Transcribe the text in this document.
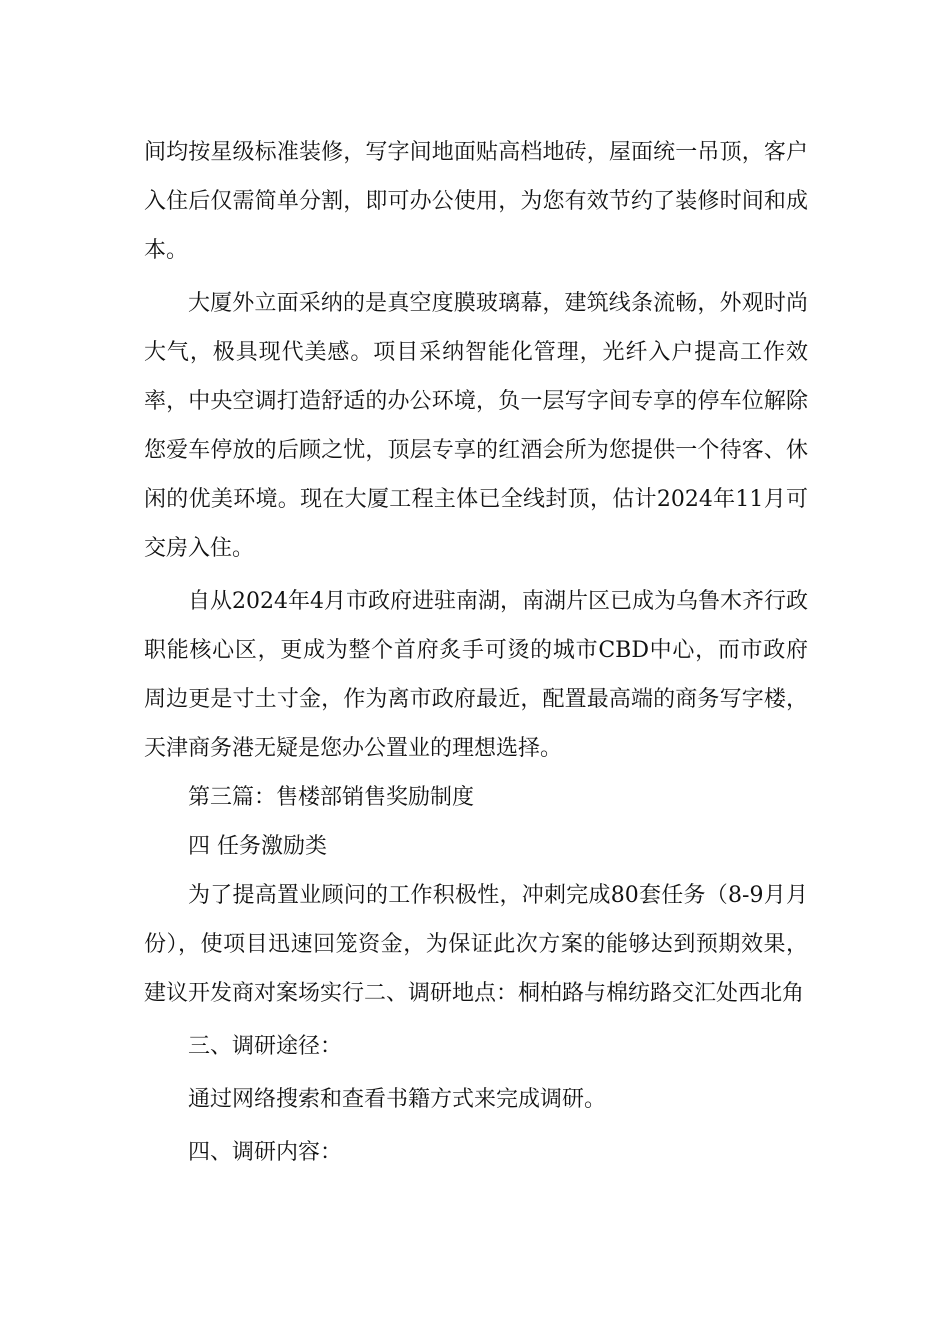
间均按星级标准装修，写字间地面贴高档地砖，屋面统一吊顶，客户入住后仅需简单分割，即可办公使用，为您有效节约了装修时间和成本。

大厦外立面采纳的是真空度膜玻璃幕，建筑线条流畅，外观时尚大气，极具现代美感。项目采纳智能化管理，光纤入户提高工作效率，中央空调打造舒适的办公环境，负一层写字间专享的停车位解除您爱车停放的后顾之忧，顶层专享的红酒会所为您提供一个待客、休闲的优美环境。现在大厦工程主体已全线封顶，估计2024年11月可交房入住。

自从2024年4月市政府进驻南湖，南湖片区已成为乌鲁木齐行政职能核心区，更成为整个首府炙手可烫的城市CBD中心，而市政府周边更是寸土寸金，作为离市政府最近，配置最高端的商务写字楼，天津商务港无疑是您办公置业的理想选择。

第三篇：售楼部销售奖励制度

四 任务激励类

为了提高置业顾问的工作积极性，冲刺完成80套任务（8-9月月份），使项目迅速回笼资金，为保证此次方案的能够达到预期效果，建议开发商对案场实行二、调研地点：桐柏路与棉纺路交汇处西北角

三、调研途径：

通过网络搜索和查看书籍方式来完成调研。

四、调研内容：
